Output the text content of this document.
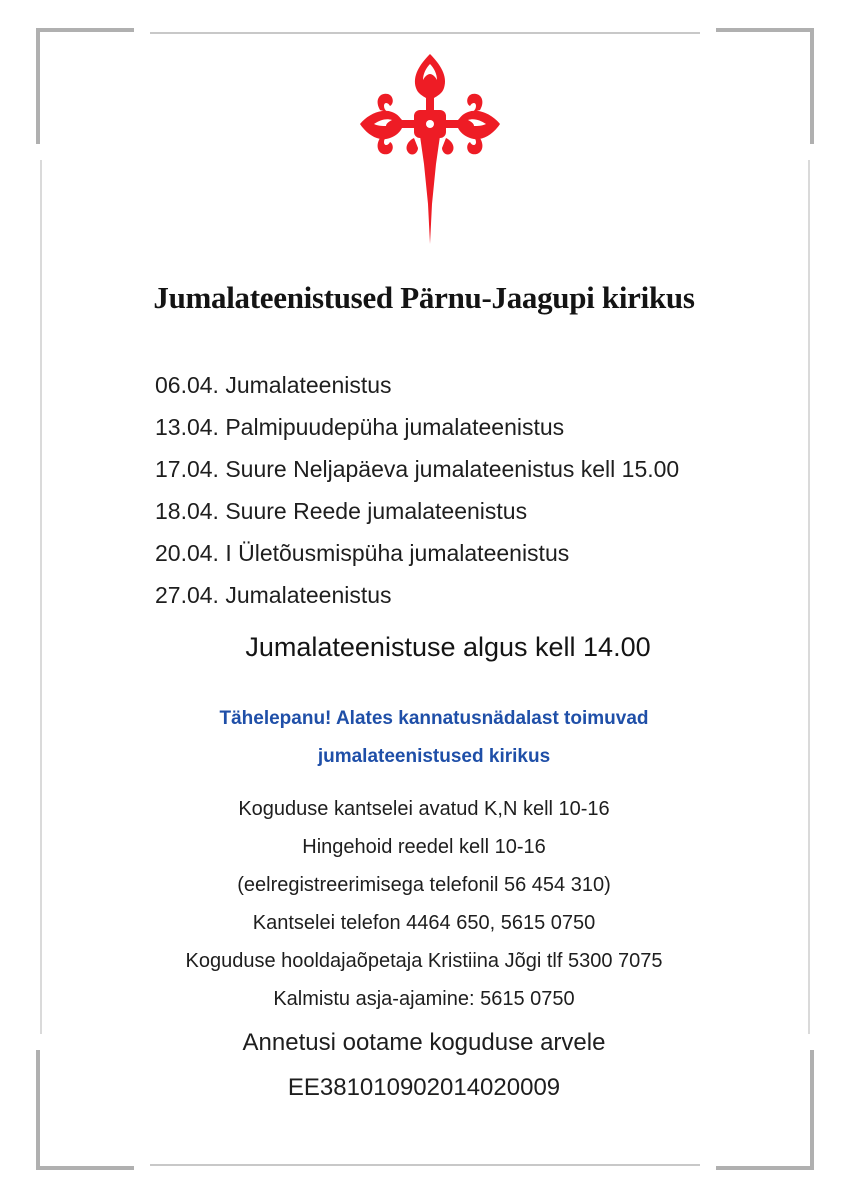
Jumalateenistused Pärnu-Jaagupi kirikus
06.04. Jumalateenistus
13.04. Palmipuudepüha jumalateenistus
17.04. Suure Neljapäeva jumalateenistus kell 15.00
18.04. Suure Reede jumalateenistus
20.04. I Ületõusmispüha jumalateenistus
27.04. Jumalateenistus
Jumalateenistuse algus kell 14.00
Tähelepanu! Alates kannatusnädalast toimuvad
jumalateenistused kirikus
Koguduse kantselei avatud K,N kell 10-16
Hingehoid reedel kell 10-16
(eelregistreerimisega telefonil 56 454 310)
Kantselei telefon 4464 650, 5615 0750
Koguduse hooldajaõpetaja Kristiina Jõgi tlf 5300 7075
Kalmistu asja-ajamine: 5615 0750
Annetusi ootame koguduse arvele
EE381010902014020009
